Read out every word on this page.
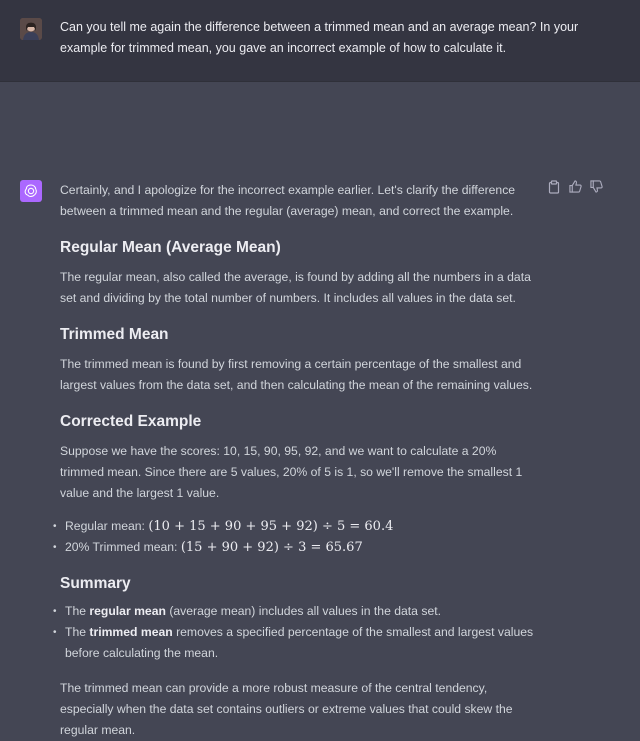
Can you tell me again the difference between a trimmed mean and an average mean? In your example for trimmed mean, you gave an incorrect example of how to calculate it.

Certainly, and I apologize for the incorrect example earlier. Let's clarify the difference between a trimmed mean and the regular (average) mean, and correct the example.

Regular Mean (Average Mean)

The regular mean, also called the average, is found by adding all the numbers in a data set and dividing by the total number of numbers. It includes all values in the data set.

Trimmed Mean

The trimmed mean is found by first removing a certain percentage of the smallest and largest values from the data set, and then calculating the mean of the remaining values.

Corrected Example

Suppose we have the scores: 10, 15, 90, 95, 92, and we want to calculate a 20% trimmed mean. Since there are 5 values, 20% of 5 is 1, so we'll remove the smallest 1 value and the largest 1 value.

• Regular mean: (10 + 15 + 90 + 95 + 92) ÷ 5 = 60.4
• 20% Trimmed mean: (15 + 90 + 92) ÷ 3 = 65.67
Summary
• The regular mean (average mean) includes all values in the data set.
• The trimmed mean removes a specified percentage of the smallest and largest values before calculating the mean.

The trimmed mean can provide a more robust measure of the central tendency, especially when the data set contains outliers or extreme values that could skew the regular mean.
